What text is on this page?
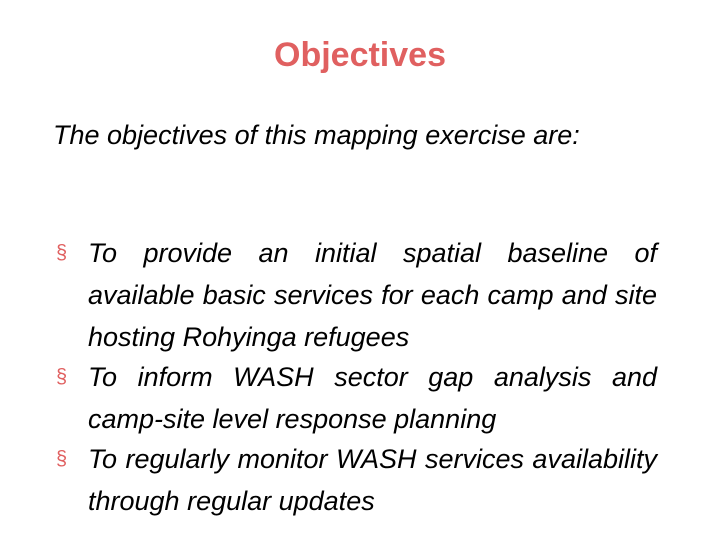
Objectives

The objectives of this mapping exercise are:

§ To provide an initial spatial baseline of available basic services for each camp and site hosting Rohyinga refugees
§ To inform WASH sector gap analysis and camp-site level response planning
§ To regularly monitor WASH services availability through regular updates
